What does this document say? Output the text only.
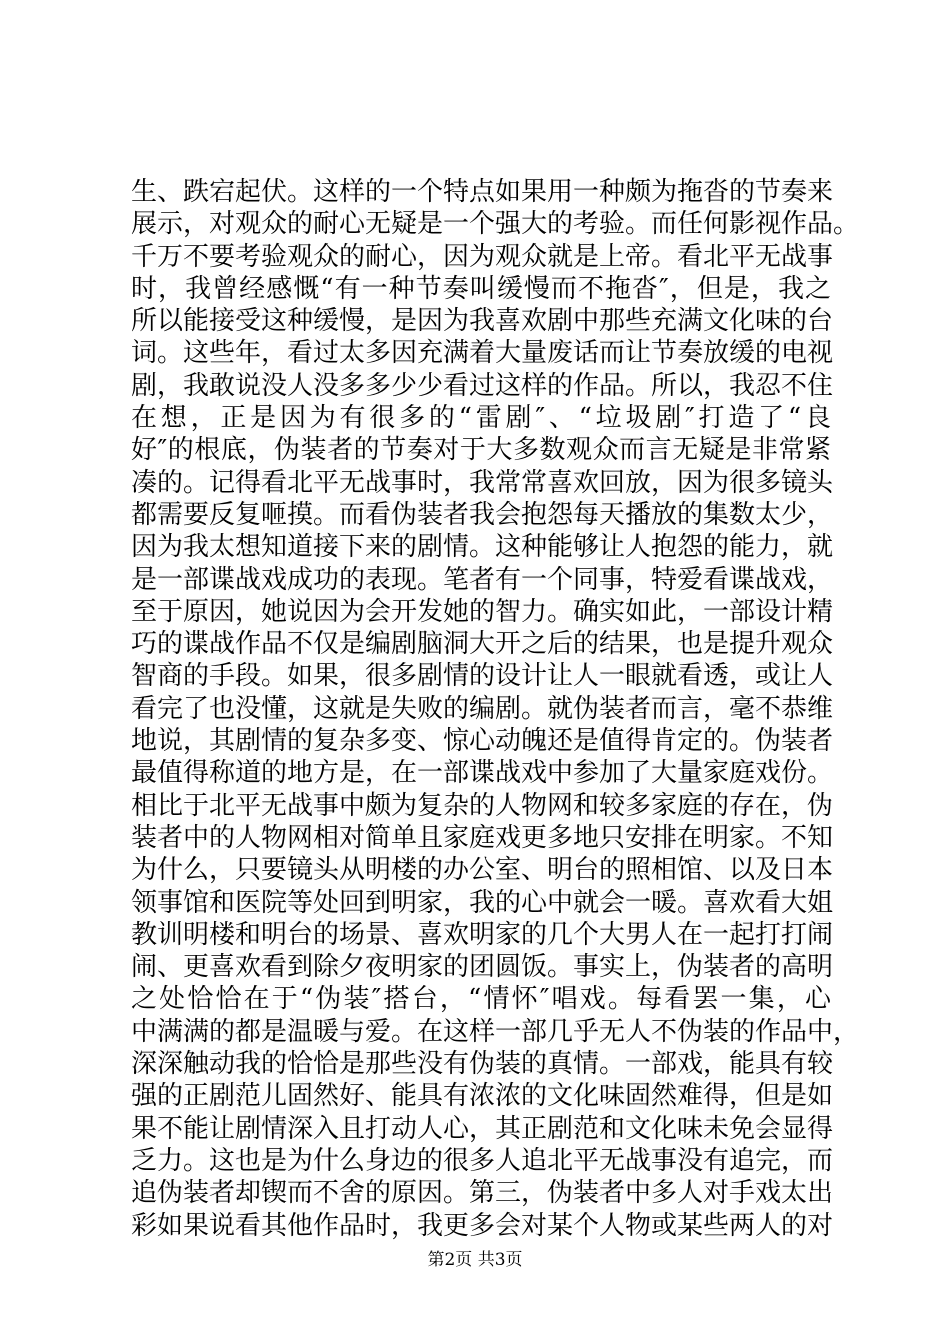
生、跌宕起伏。这样的一个特点如果用一种颇为拖沓的节奏来
展示，对观众的耐心无疑是一个强大的考验。而任何影视作品。
千万不要考验观众的耐心，因为观众就是上帝。看北平无战事
时，我曾经感慨“有一种节奏叫缓慢而不拖沓″，但是，我之
所以能接受这种缓慢，是因为我喜欢剧中那些充满文化味的台
词。这些年，看过太多因充满着大量废话而让节奏放缓的电视
剧，我敢说没人没多多少少看过这样的作品。所以，我忍不住
在想，正是因为有很多的“雷剧″、“垃圾剧″打造了“良
好″的根底，伪装者的节奏对于大多数观众而言无疑是非常紧
凑的。记得看北平无战事时，我常常喜欢回放，因为很多镜头
都需要反复咂摸。而看伪装者我会抱怨每天播放的集数太少，
因为我太想知道接下来的剧情。这种能够让人抱怨的能力，就
是一部谍战戏成功的表现。笔者有一个同事，特爱看谍战戏，
至于原因，她说因为会开发她的智力。确实如此，一部设计精
巧的谍战作品不仅是编剧脑洞大开之后的结果，也是提升观众
智商的手段。如果，很多剧情的设计让人一眼就看透，或让人
看完了也没懂，这就是失败的编剧。就伪装者而言，毫不恭维
地说，其剧情的复杂多变、惊心动魄还是值得肯定的。伪装者
最值得称道的地方是，在一部谍战戏中参加了大量家庭戏份。
相比于北平无战事中颇为复杂的人物网和较多家庭的存在，伪
装者中的人物网相对简单且家庭戏更多地只安排在明家。不知
为什么，只要镜头从明楼的办公室、明台的照相馆、以及日本
领事馆和医院等处回到明家，我的心中就会一暖。喜欢看大姐
教训明楼和明台的场景、喜欢明家的几个大男人在一起打打闹
闹、更喜欢看到除夕夜明家的团圆饭。事实上，伪装者的高明
之处恰恰在于“伪装″搭台，“情怀″唱戏。每看罢一集，心
中满满的都是温暖与爱。在这样一部几乎无人不伪装的作品中，
深深触动我的恰恰是那些没有伪装的真情。一部戏，能具有较
强的正剧范儿固然好、能具有浓浓的文化味固然难得，但是如
果不能让剧情深入且打动人心，其正剧范和文化味未免会显得
乏力。这也是为什么身边的很多人追北平无战事没有追完，而
追伪装者却锲而不舍的原因。第三，伪装者中多人对手戏太出
彩如果说看其他作品时，我更多会对某个人物或某些两人的对
第2页 共3页
